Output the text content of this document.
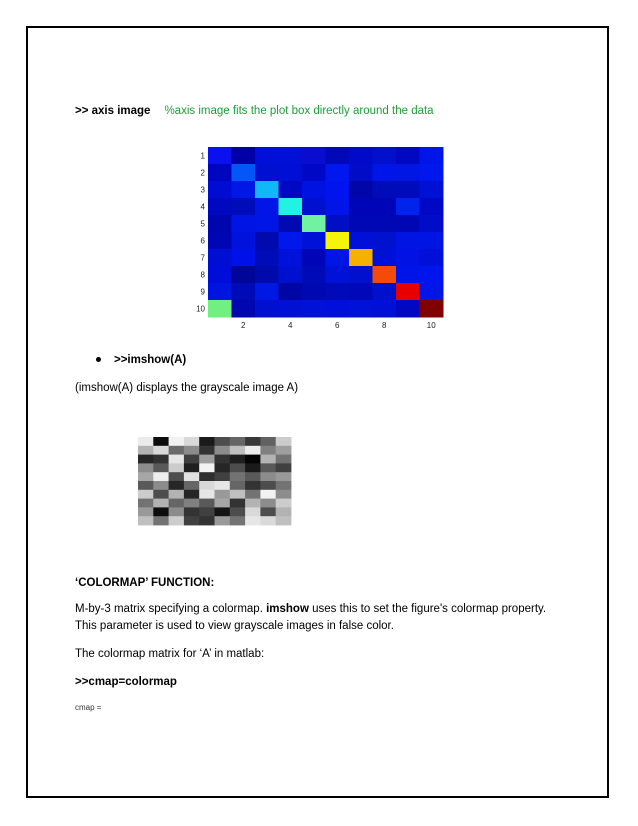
>> axis image %axis image fits the plot box directly around the data
1
2
3
4
5
6
7
8
9
10
2	4	6	8	10
>>imshow(A)
(imshow(A) displays the grayscale image A)
‘COLORMAP’ FUNCTION:
M-by-3 matrix specifying a colormap. imshow uses this to set the figure's colormap property.
This parameter is used to view grayscale images in false color.
The colormap matrix for ‘A’ in matlab:
>>cmap=colormap
cmap =
